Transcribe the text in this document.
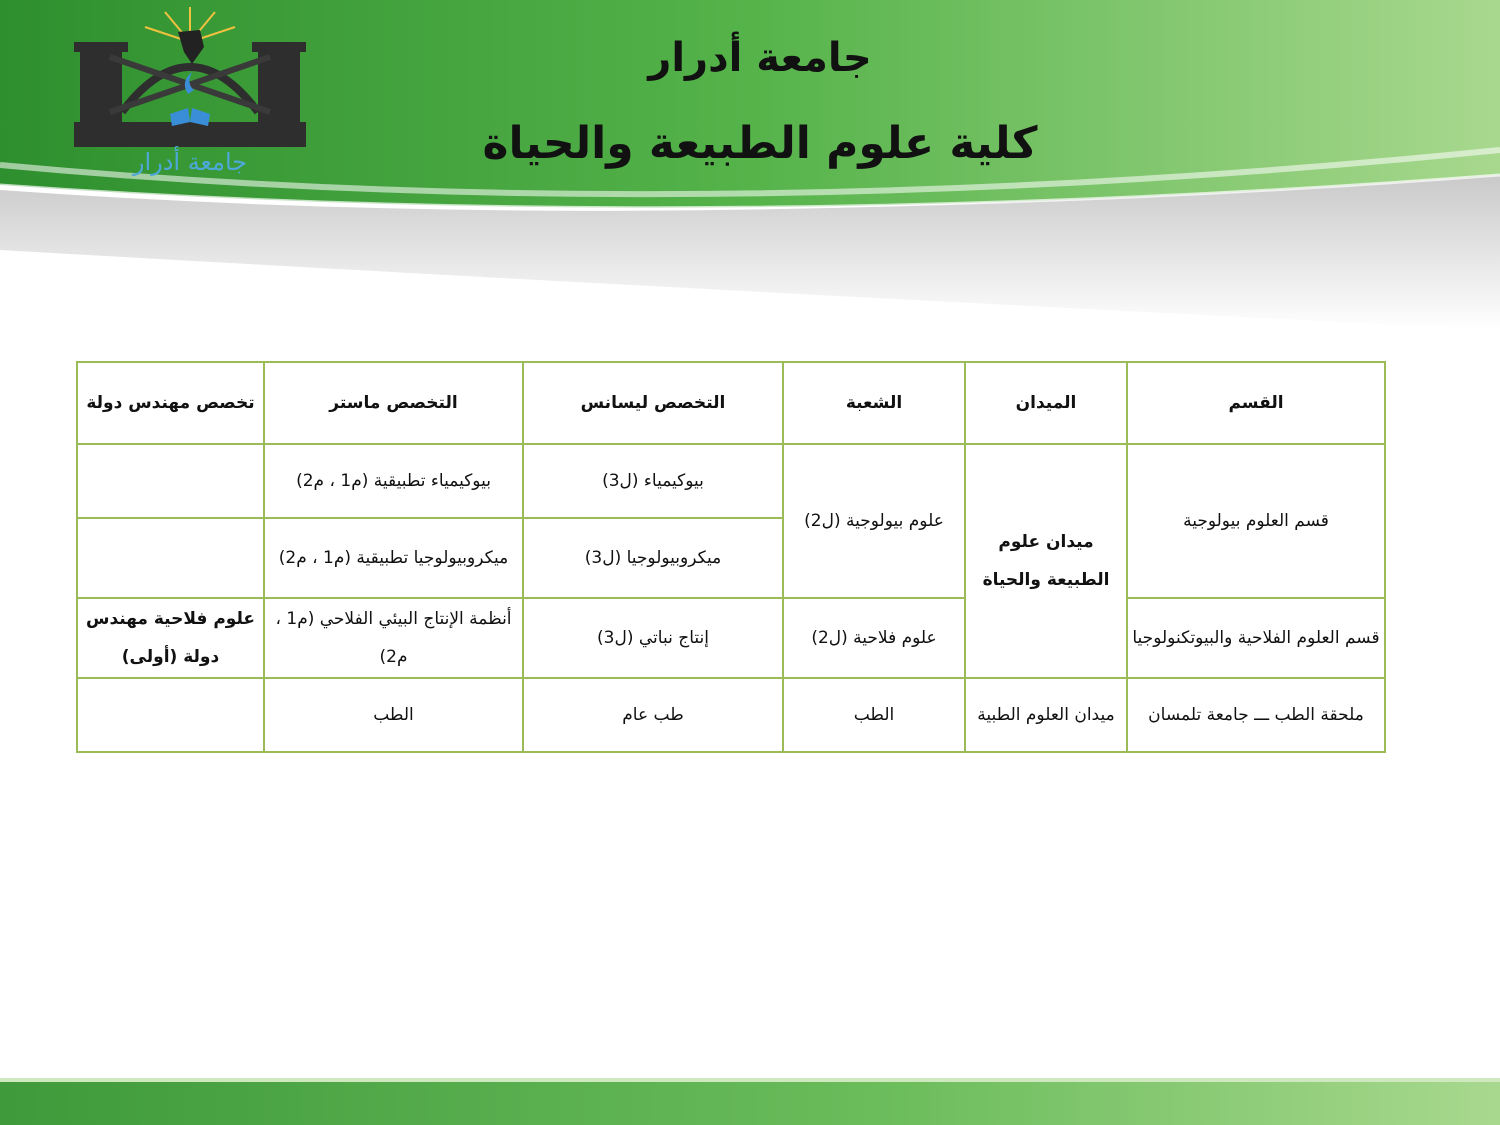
جامعة أدرار
جامعة أدرار
كلية علوم الطبيعة والحياة
القسم	الميدان	الشعبة	التخصص ليسانس	التخصص ماستر	تخصص مهندس دولة
قسم العلوم بيولوجية	ميدان علوم الطبيعة والحياة	علوم بيولوجية (ل2)	بيوكيمياء (ل3)	بيوكيمياء تطبيقية (م1 ، م2)	
			ميكروبيولوجيا (ل3)	ميكروبيولوجيا تطبيقية (م1 ، م2)	
قسم العلوم الفلاحية والبيوتكنولوجيا		علوم فلاحية (ل2)	إنتاج نباتي (ل3)	أنظمة الإنتاج البيئي الفلاحي (م1 ، م2)	علوم فلاحية مهندس دولة (أولى)
ملحقة الطب ـــ جامعة تلمسان	ميدان العلوم الطبية	الطب	طب عام	الطب	
